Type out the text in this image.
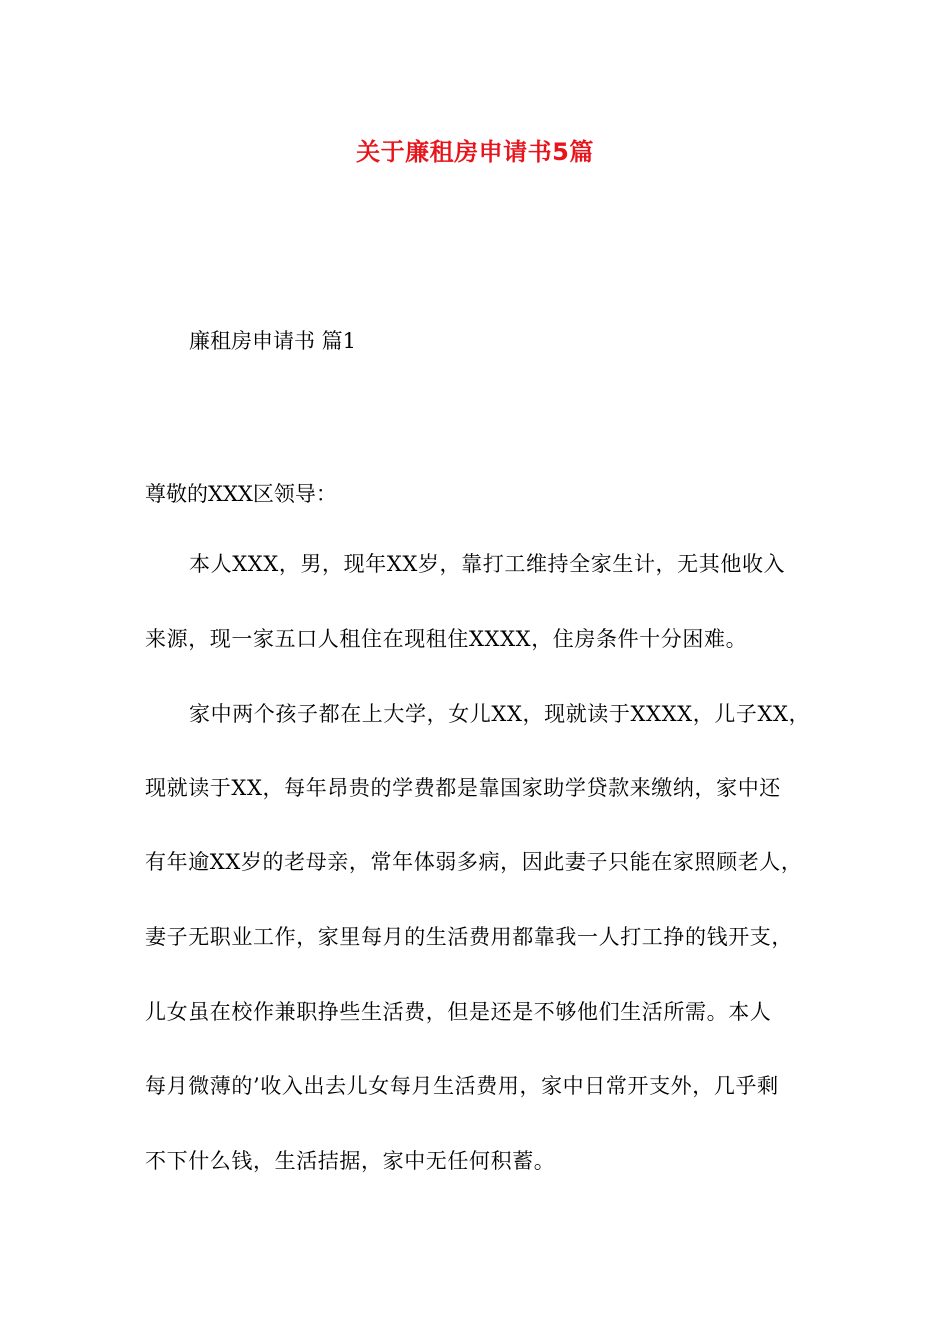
关于廉租房申请书5篇
廉租房申请书 篇1
尊敬的XXX区领导：
本人XXX，男，现年XX岁，靠打工维持全家生计，无其他收入
来源，现一家五口人租住在现租住XXXX，住房条件十分困难。
家中两个孩子都在上大学，女儿XX，现就读于XXXX，儿子XX，
现就读于XX，每年昂贵的学费都是靠国家助学贷款来缴纳，家中还
有年逾XX岁的老母亲，常年体弱多病，因此妻子只能在家照顾老人，
妻子无职业工作，家里每月的生活费用都靠我一人打工挣的钱开支，
儿女虽在校作兼职挣些生活费，但是还是不够他们生活所需。本人
每月微薄的’收入出去儿女每月生活费用，家中日常开支外，几乎剩
不下什么钱，生活拮据，家中无任何积蓄。
